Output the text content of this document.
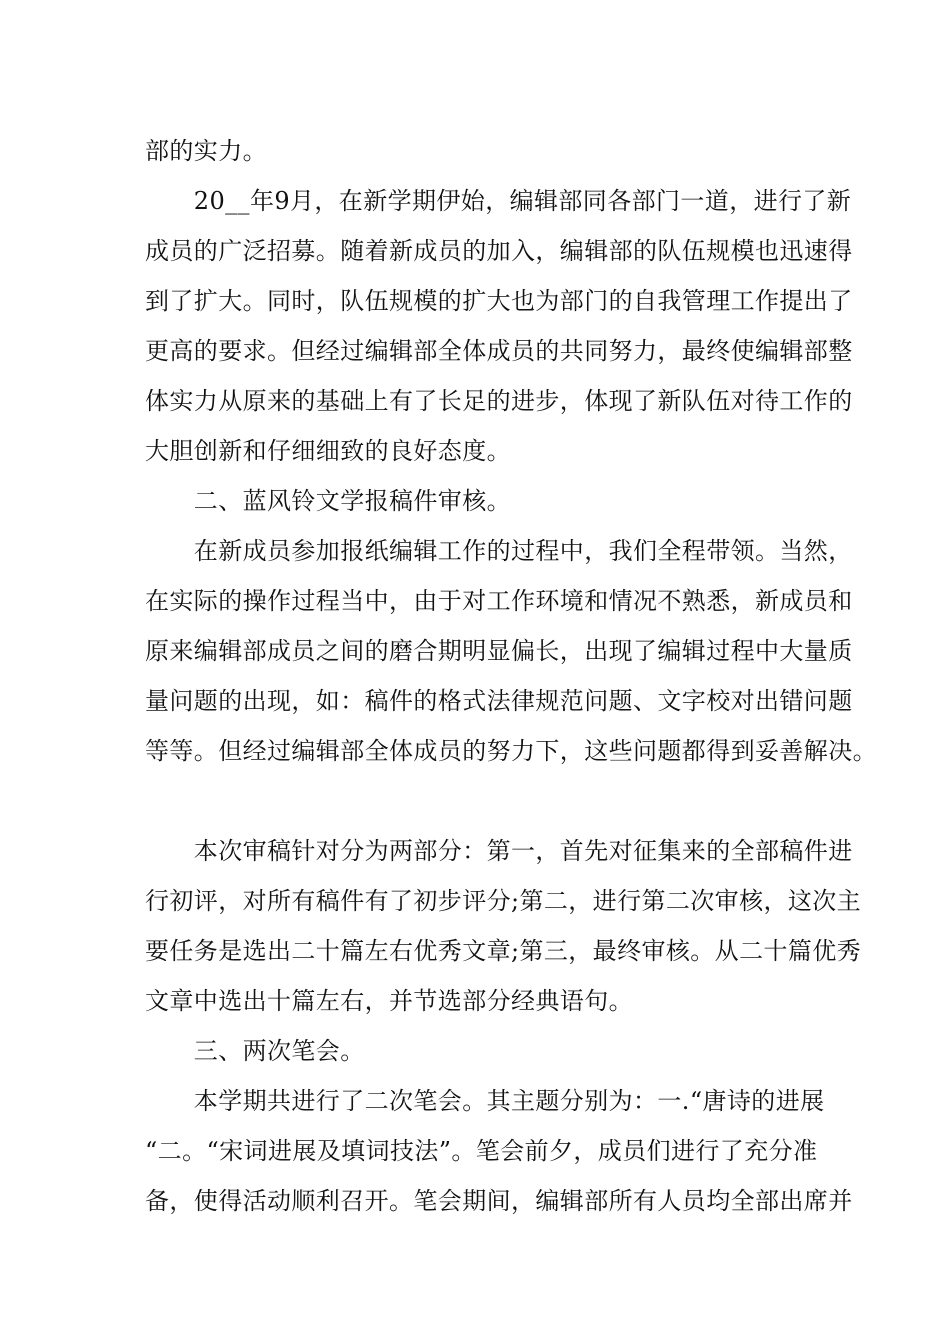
部的实力。
　　20__年9月，在新学期伊始，编辑部同各部门一道，进行了新
成员的广泛招募。随着新成员的加入，编辑部的队伍规模也迅速得
到了扩大。同时，队伍规模的扩大也为部门的自我管理工作提出了
更高的要求。但经过编辑部全体成员的共同努力，最终使编辑部整
体实力从原来的基础上有了长足的进步，体现了新队伍对待工作的
大胆创新和仔细细致的良好态度。
　　二、蓝风铃文学报稿件审核。
　　在新成员参加报纸编辑工作的过程中，我们全程带领。当然，
在实际的操作过程当中，由于对工作环境和情况不熟悉，新成员和
原来编辑部成员之间的磨合期明显偏长，出现了编辑过程中大量质
量问题的出现，如：稿件的格式法律规范问题、文字校对出错问题
等等。但经过编辑部全体成员的努力下，这些问题都得到妥善解决。
　　本次审稿针对分为两部分：第一，首先对征集来的全部稿件进
行初评，对所有稿件有了初步评分;第二，进行第二次审核，这次主
要任务是选出二十篇左右优秀文章;第三，最终审核。从二十篇优秀
文章中选出十篇左右，并节选部分经典语句。
　　三、两次笔会。
　　本学期共进行了二次笔会。其主题分别为：一.“唐诗的进展
“二。“宋词进展及填词技法”。笔会前夕，成员们进行了充分准
备，使得活动顺利召开。笔会期间，编辑部所有人员均全部出席并
